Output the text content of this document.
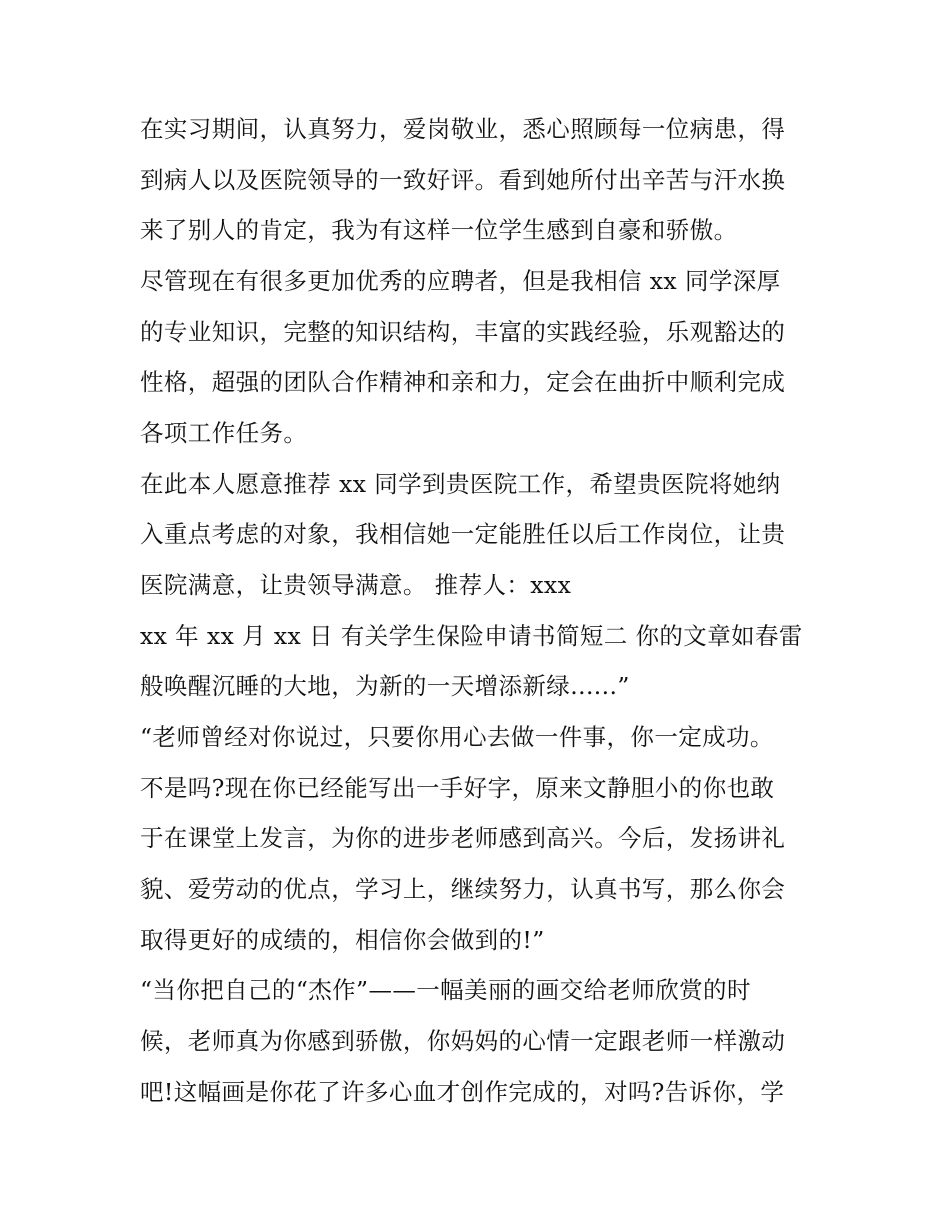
在实习期间，认真努力，爱岗敬业，悉心照顾每一位病患，得
到病人以及医院领导的一致好评。看到她所付出辛苦与汗水换
来了别人的肯定，我为有这样一位学生感到自豪和骄傲。
尽管现在有很多更加优秀的应聘者，但是我相信 xx 同学深厚
的专业知识，完整的知识结构，丰富的实践经验，乐观豁达的
性格，超强的团队合作精神和亲和力，定会在曲折中顺利完成
各项工作任务。
在此本人愿意推荐 xx 同学到贵医院工作，希望贵医院将她纳
入重点考虑的对象，我相信她一定能胜任以后工作岗位，让贵
医院满意，让贵领导满意。 推荐人：xxx
xx 年 xx 月 xx 日 有关学生保险申请书简短二 你的文章如春雷
般唤醒沉睡的大地，为新的一天增添新绿......”
“老师曾经对你说过，只要你用心去做一件事，你一定成功。
不是吗?现在你已经能写出一手好字，原来文静胆小的你也敢
于在课堂上发言，为你的进步老师感到高兴。今后，发扬讲礼
貌、爱劳动的优点，学习上，继续努力，认真书写，那么你会
取得更好的成绩的，相信你会做到的!”
“当你把自己的“杰作”——一幅美丽的画交给老师欣赏的时
候，老师真为你感到骄傲，你妈妈的心情一定跟老师一样激动
吧!这幅画是你花了许多心血才创作完成的，对吗?告诉你，学
